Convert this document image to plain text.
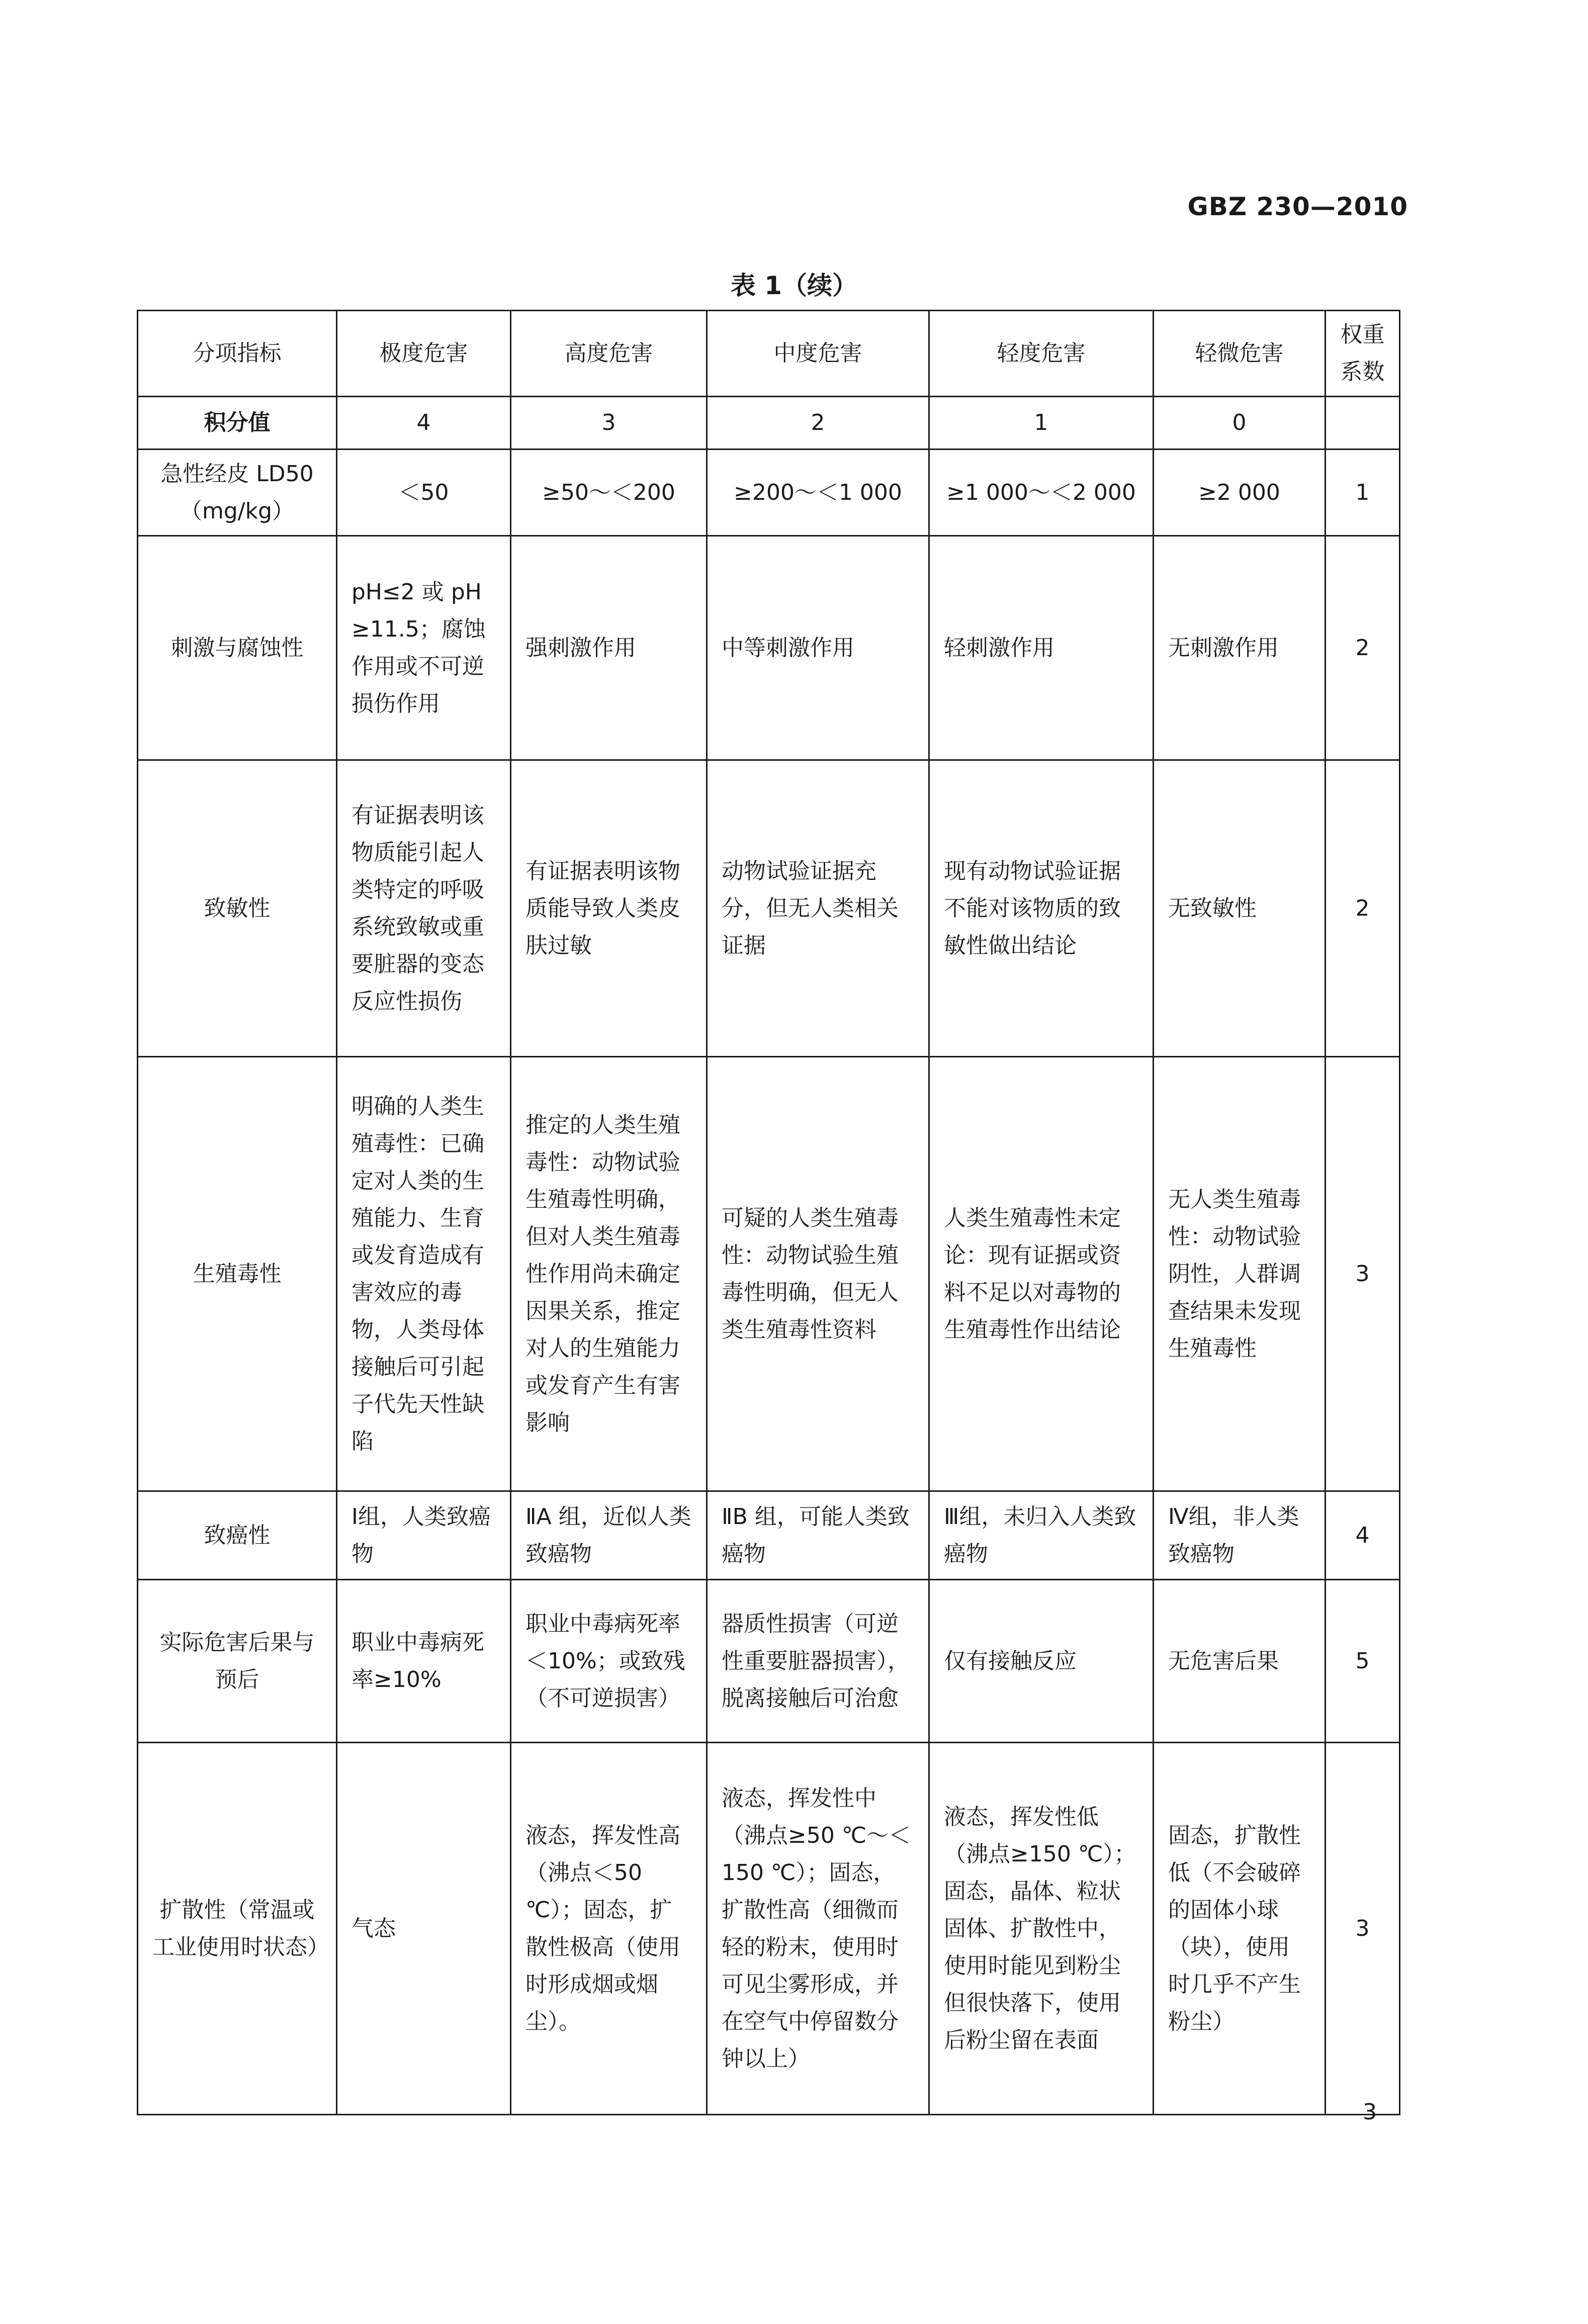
GBZ 230—2010
表 1（续）
分项指标	极度危害	高度危害	中度危害	轻度危害	轻微危害	权重系数
积分值	4	3	2	1	0	
急性经皮 LD50（mg/kg）	＜50	≥50～＜200	≥200～＜1 000	≥1 000～＜2 000	≥2 000	1
刺激与腐蚀性	pH≤2 或 pH≥11.5；腐蚀作用或不可逆损伤作用	强刺激作用	中等刺激作用	轻刺激作用	无刺激作用	2
致敏性	有证据表明该物质能引起人类特定的呼吸系统致敏或重要脏器的变态反应性损伤	有证据表明该物质能导致人类皮肤过敏	动物试验证据充分，但无人类相关证据	现有动物试验证据不能对该物质的致敏性做出结论	无致敏性	2
生殖毒性	明确的人类生殖毒性：已确定对人类的生殖能力、生育或发育造成有害效应的毒物，人类母体接触后可引起子代先天性缺陷	推定的人类生殖毒性：动物试验生殖毒性明确，但对人类生殖毒性作用尚未确定因果关系，推定对人的生殖能力或发育产生有害影响	可疑的人类生殖毒性：动物试验生殖毒性明确，但无人类生殖毒性资料	人类生殖毒性未定论：现有证据或资料不足以对毒物的生殖毒性作出结论	无人类生殖毒性：动物试验阴性，人群调查结果未发现生殖毒性	3
致癌性	Ⅰ组，人类致癌物	ⅡA 组，近似人类致癌物	ⅡB 组，可能人类致癌物	Ⅲ组，未归入人类致癌物	Ⅳ组，非人类致癌物	4
实际危害后果与预后	职业中毒病死率≥10%	职业中毒病死率＜10%；或致残（不可逆损害）	器质性损害（可逆性重要脏器损害），脱离接触后可治愈	仅有接触反应	无危害后果	5
扩散性（常温或工业使用时状态）	气态	液态，挥发性高（沸点＜50 ℃）；固态，扩散性极高（使用时形成烟或烟尘）。	液态，挥发性中（沸点≥50 ℃～＜150 ℃）；固态，扩散性高（细微而轻的粉末，使用时可见尘雾形成，并在空气中停留数分钟以上）	液态，挥发性低（沸点≥150 ℃）；固态，晶体、粒状固体、扩散性中，使用时能见到粉尘但很快落下，使用后粉尘留在表面	固态，扩散性低（不会破碎的固体小球（块），使用时几乎不产生粉尘）	3
3
